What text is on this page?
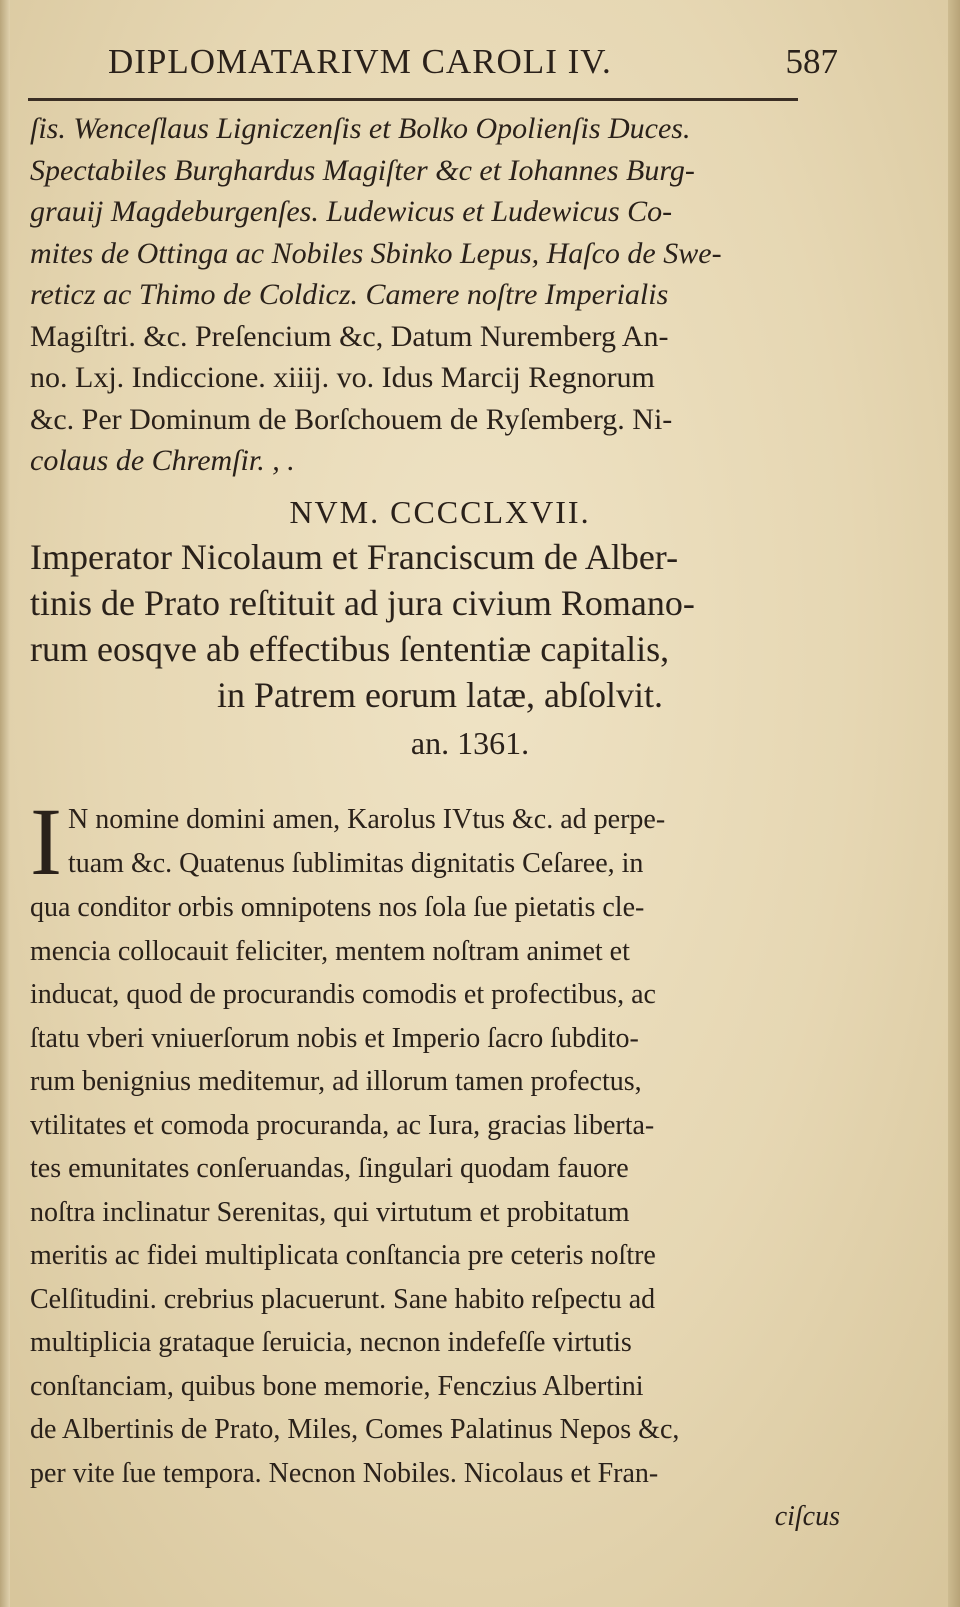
DIPLOMATARIVM CAROLI IV.	587
ſis. Wenceſlaus Ligniczenſis et Bolko Opolienſis Duces.
Spectabiles Burghardus Magiſter &c et Iohannes Burg-
grauij Magdeburgenſes. Ludewicus et Ludewicus Co-
mites de Ottinga ac Nobiles Sbinko Lepus, Haſco de Swe-
reticz ac Thimo de Coldicz. Camere noſtre Imperialis
Magiſtri. &c. Preſencium &c, Datum Nuremberg An-
no. Lxj. Indiccione. xiiij. vo. Idus Marcij Regnorum
&c. Per Dominum de Borſchouem de Ryſemberg. Ni-
colaus de Chremſir. , .
NVM. CCCCLXVII.
Imperator Nicolaum et Franciscum de Alber-
tinis de Prato reſtituit ad jura civium Romano-
rum eosqve ab effectibus ſententiæ capitalis,
in Patrem eorum latæ, abſolvit.
an. 1361.
I N nomine domini amen, Karolus IVtus &c. ad perpe-
tuam &c. Quatenus ſublimitas dignitatis Ceſaree, in
qua conditor orbis omnipotens nos ſola ſue pietatis cle-
mencia collocauit feliciter, mentem noſtram animet et
inducat, quod de procurandis comodis et profectibus, ac
ſtatu vberi vniuerſorum nobis et Imperio ſacro ſubdito-
rum benignius meditemur, ad illorum tamen profectus,
vtilitates et comoda procuranda, ac Iura, gracias liberta-
tes emunitates conſeruandas, ſingulari quodam fauore
noſtra inclinatur Serenitas, qui virtutum et probitatum
meritis ac fidei multiplicata conſtancia pre ceteris noſtre
Celſitudini. crebrius placuerunt. Sane habito reſpectu ad
multiplicia grataque ſeruicia, necnon indefeſſe virtutis
conſtanciam, quibus bone memorie, Fenczius Albertini
de Albertinis de Prato, Miles, Comes Palatinus Nepos &c,
per vite ſue tempora. Necnon Nobiles. Nicolaus et Fran-
ciſcus
